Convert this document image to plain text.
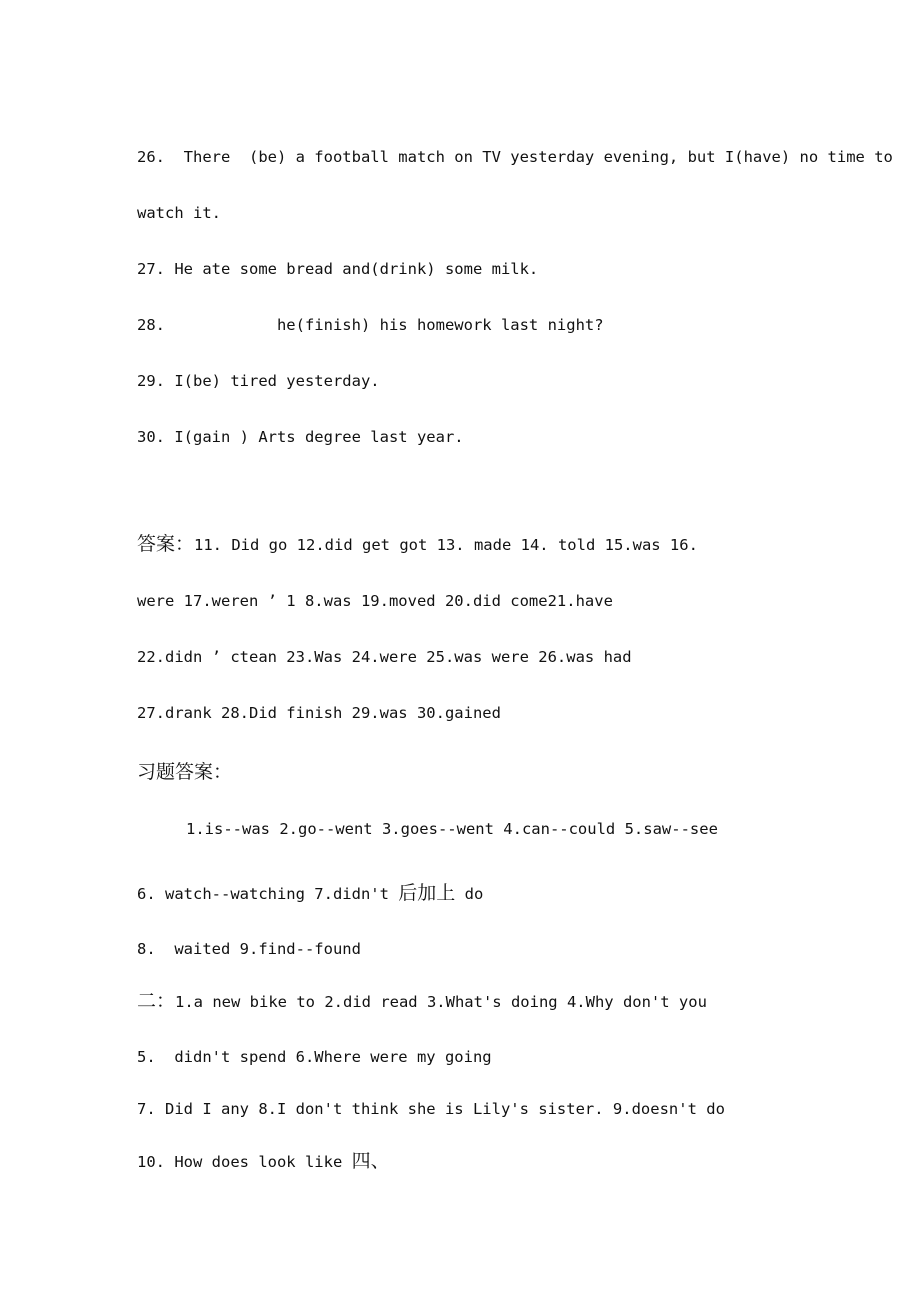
26.  There  (be) a football match on TV yesterday evening, but I(have) no time to
watch it.
27. He ate some bread and(drink) some milk.
28.            he(finish) his homework last night?
29. I(be) tired yesterday.
30. I(gain ) Arts degree last year.
答案：11. Did go 12.did get got 13. made 14. told 15.was 16.
were 17.weren ’ 1 8.was 19.moved 20.did come21.have
22.didn ’ ctean 23.Was 24.were 25.was were 26.was had
27.drank 28.Did finish 29.was 30.gained
习题答案：
1.is--was 2.go--went 3.goes--went 4.can--could 5.saw--see
6. watch--watching 7.didn't 后加上 do
8.  waited 9.find--found
二：1.a new bike to 2.did read 3.What's doing 4.Why don't you
5.  didn't spend 6.Where were my going
7. Did I any 8.I don't think she is Lily's sister. 9.doesn't do
10. How does look like 四、
